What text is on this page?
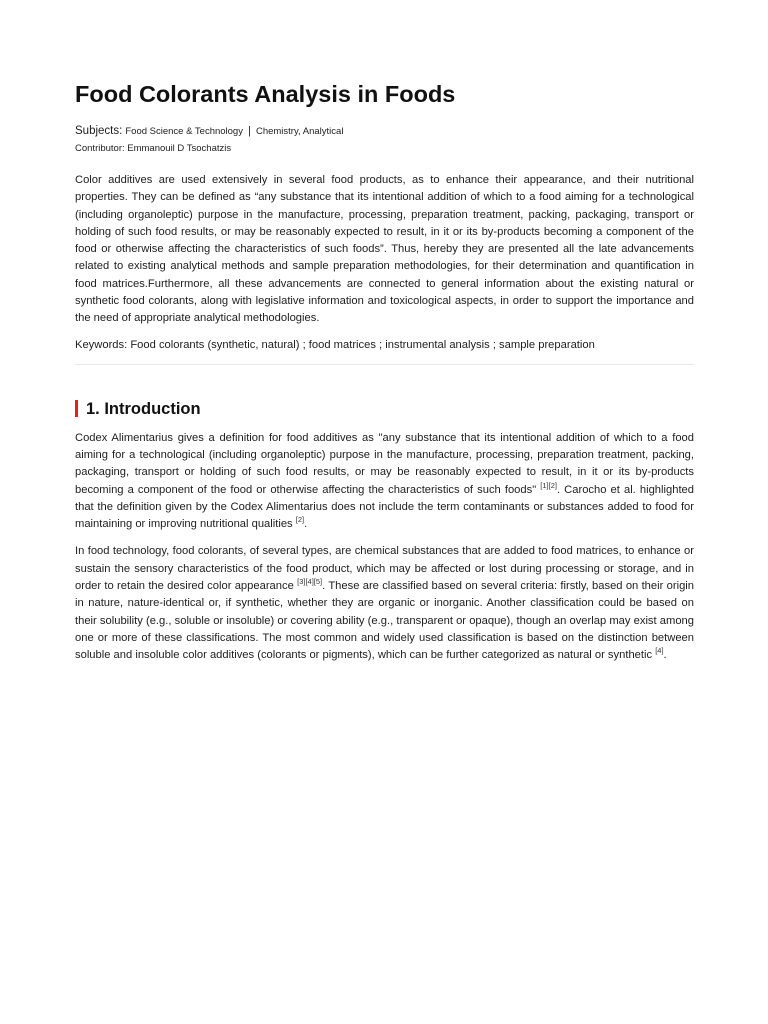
Food Colorants Analysis in Foods
Subjects: Food Science & Technology | Chemistry, Analytical
Contributor: Emmanouil D Tsochatzis

Color additives are used extensively in several food products, as to enhance their appearance, and their nutritional properties. They can be defined as “any substance that its intentional addition of which to a food aiming for a technological (including organoleptic) purpose in the manufacture, processing, preparation treatment, packing, packaging, transport or holding of such food results, or may be reasonably expected to result, in it or its by-products becoming a component of the food or otherwise affecting the characteristics of such foods”. Thus, hereby they are presented all the late advancements related to existing analytical methods and sample preparation methodologies, for their determination and quantification in food matrices.Furthermore, all these advancements are connected to general information about the existing natural or synthetic food colorants, along with legislative information and toxicological aspects, in order to support the importance and the need of appropriate analytical methodologies.

Keywords: Food colorants (synthetic, natural) ; food matrices ; instrumental analysis ; sample preparation
1. Introduction

Codex Alimentarius gives a definition for food additives as "any substance that its intentional addition of which to a food aiming for a technological (including organoleptic) purpose in the manufacture, processing, preparation treatment, packing, packaging, transport or holding of such food results, or may be reasonably expected to result, in it or its by-products becoming a component of the food or otherwise affecting the characteristics of such foods" [1][2]. Carocho et al. highlighted that the definition given by the Codex Alimentarius does not include the term contaminants or substances added to food for maintaining or improving nutritional qualities [2].

In food technology, food colorants, of several types, are chemical substances that are added to food matrices, to enhance or sustain the sensory characteristics of the food product, which may be affected or lost during processing or storage, and in order to retain the desired color appearance [3][4][5]. These are classified based on several criteria: firstly, based on their origin in nature, nature-identical or, if synthetic, whether they are organic or inorganic. Another classification could be based on their solubility (e.g., soluble or insoluble) or covering ability (e.g., transparent or opaque), though an overlap may exist among one or more of these classifications. The most common and widely used classification is based on the distinction between soluble and insoluble color additives (colorants or pigments), which can be further categorized as natural or synthetic [4].
